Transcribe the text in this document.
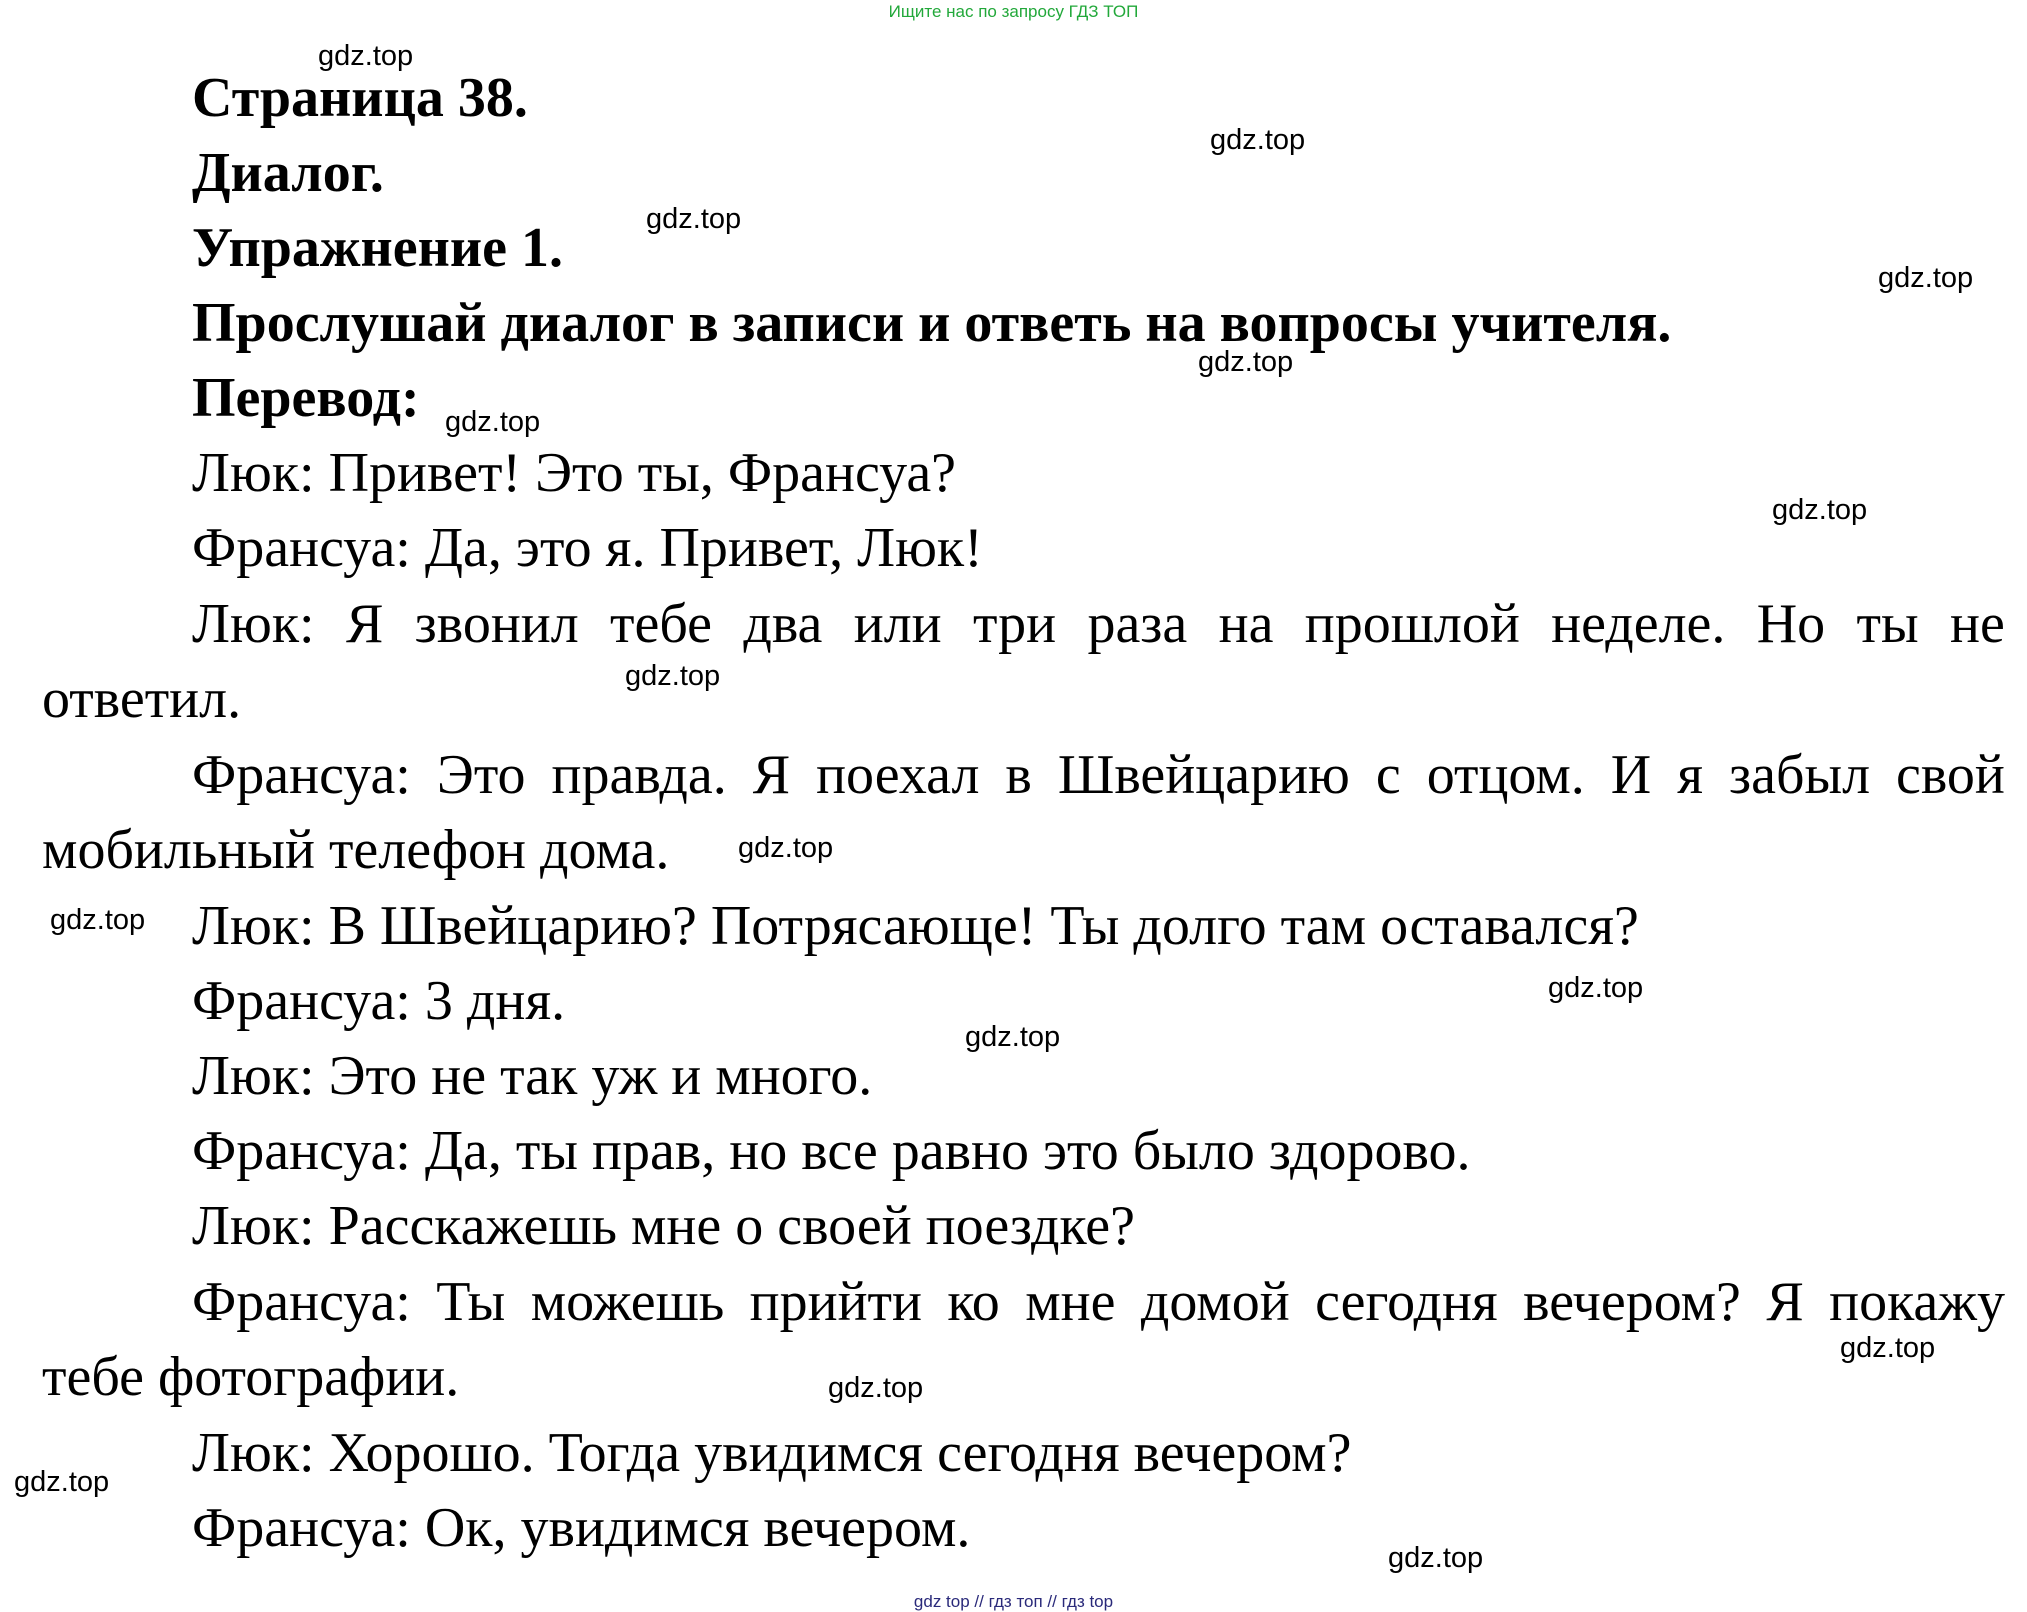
Ищите нас по запросу ГДЗ ТОП
Страница 38.
Диалог.
Упражнение 1.
Прослушай диалог в записи и ответь на вопросы учителя.
Перевод:
Люк: Привет! Это ты, Франсуа?
Франсуа: Да, это я. Привет, Люк!
Люк: Я звонил тебе два или три раза на прошлой неделе. Но ты не
ответил.
Франсуа: Это правда. Я поехал в Швейцарию с отцом. И я забыл свой
мобильный телефон дома.
Люк: В Швейцарию? Потрясающе! Ты долго там оставался?
Франсуа: 3 дня.
Люк: Это не так уж и много.
Франсуа: Да, ты прав, но все равно это было здорово.
Люк: Расскажешь мне о своей поездке?
Франсуа: Ты можешь прийти ко мне домой сегодня вечером? Я покажу
тебе фотографии.
Люк: Хорошо. Тогда увидимся сегодня вечером?
Франсуа: Ок, увидимся вечером.
gdz.top
gdz.top
gdz.top
gdz.top
gdz.top
gdz.top
gdz.top
gdz.top
gdz.top
gdz.top
gdz.top
gdz.top
gdz.top
gdz.top
gdz.top
gdz.top
gdz top // гдз топ // гдз top
